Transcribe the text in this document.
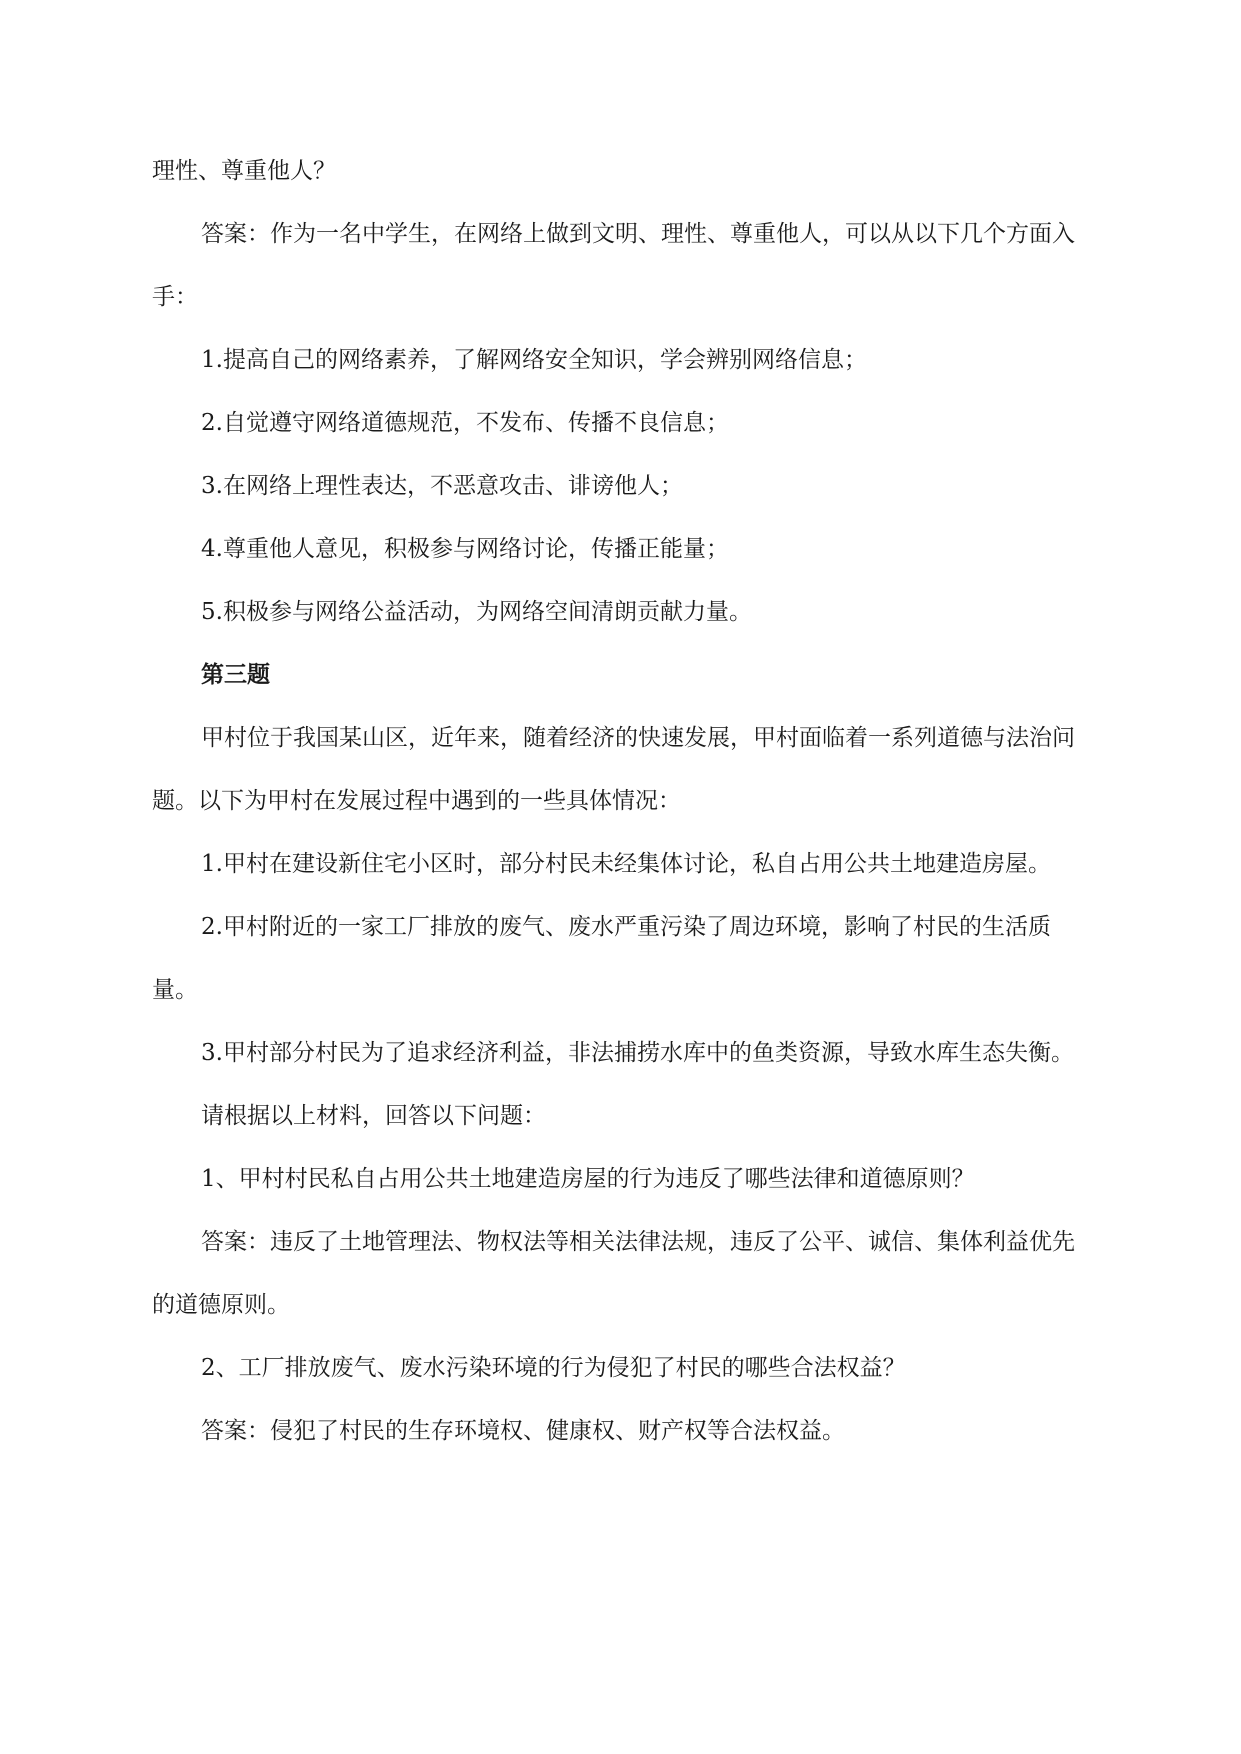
理性、尊重他人？

答案：作为一名中学生，在网络上做到文明、理性、尊重他人，可以从以下几个方面入手：

1.提高自己的网络素养，了解网络安全知识，学会辨别网络信息；

2.自觉遵守网络道德规范，不发布、传播不良信息；

3.在网络上理性表达，不恶意攻击、诽谤他人；

4.尊重他人意见，积极参与网络讨论，传播正能量；

5.积极参与网络公益活动，为网络空间清朗贡献力量。

第三题

甲村位于我国某山区，近年来，随着经济的快速发展，甲村面临着一系列道德与法治问题。以下为甲村在发展过程中遇到的一些具体情况：

1.甲村在建设新住宅小区时，部分村民未经集体讨论，私自占用公共土地建造房屋。

2.甲村附近的一家工厂排放的废气、废水严重污染了周边环境，影响了村民的生活质量。

3.甲村部分村民为了追求经济利益，非法捕捞水库中的鱼类资源，导致水库生态失衡。

请根据以上材料，回答以下问题：

1、甲村村民私自占用公共土地建造房屋的行为违反了哪些法律和道德原则？

答案：违反了土地管理法、物权法等相关法律法规，违反了公平、诚信、集体利益优先的道德原则。

2、工厂排放废气、废水污染环境的行为侵犯了村民的哪些合法权益？

答案：侵犯了村民的生存环境权、健康权、财产权等合法权益。
